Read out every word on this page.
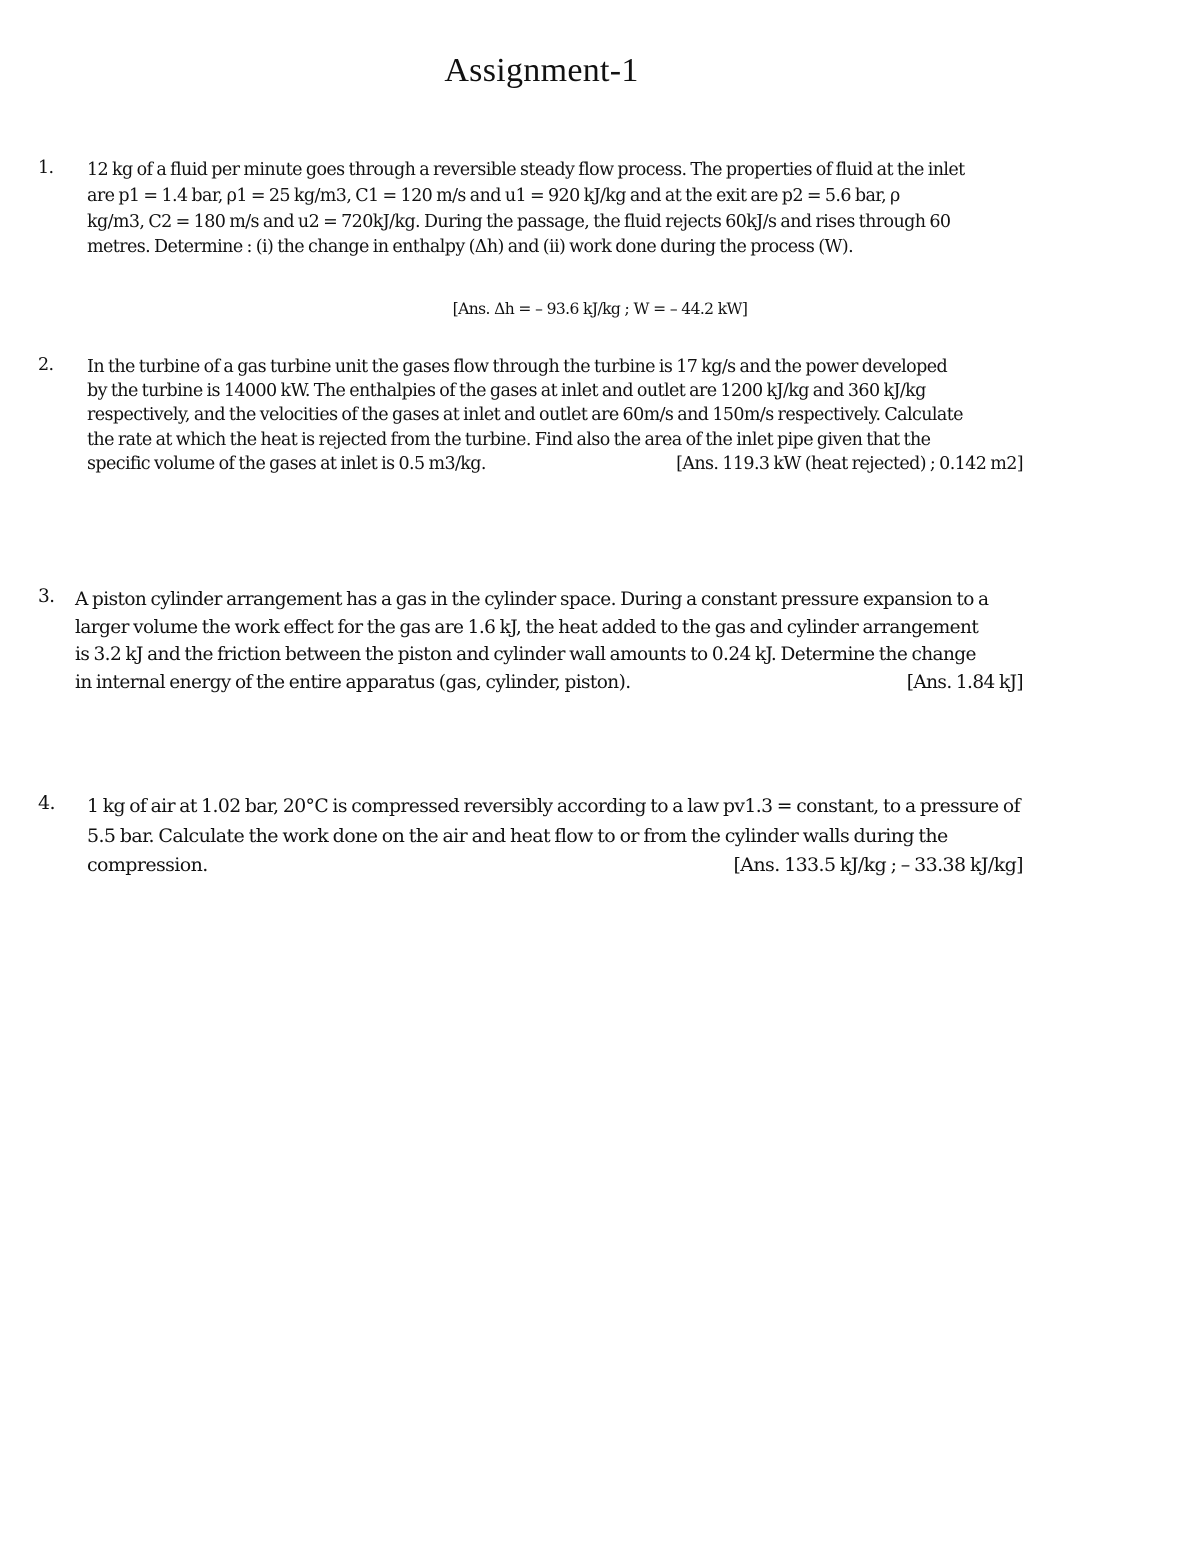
Assignment-1
1. 12 kg of a fluid per minute goes through a reversible steady flow process. The properties of fluid at the inlet
are p1 = 1.4 bar, ρ1 = 25 kg/m3, C1 = 120 m/s and u1 = 920 kJ/kg and at the exit are p2 = 5.6 bar, ρ
kg/m3, C2 = 180 m/s and u2 = 720kJ/kg. During the passage, the fluid rejects 60kJ/s and rises through 60
metres. Determine : (i) the change in enthalpy (Δh) and (ii) work done during the process (W).
[Ans. Δh = – 93.6 kJ/kg ; W = – 44.2 kW]
2. In the turbine of a gas turbine unit the gases flow through the turbine is 17 kg/s and the power developed
by the turbine is 14000 kW. The enthalpies of the gases at inlet and outlet are 1200 kJ/kg and 360 kJ/kg
respectively, and the velocities of the gases at inlet and outlet are 60m/s and 150m/s respectively. Calculate
the rate at which the heat is rejected from the turbine. Find also the area of the inlet pipe given that the
specific volume of the gases at inlet is 0.5 m3/kg.	[Ans. 119.3 kW (heat rejected) ; 0.142 m2]
3. A piston cylinder arrangement has a gas in the cylinder space. During a constant pressure expansion to a
larger volume the work effect for the gas are 1.6 kJ, the heat added to the gas and cylinder arrangement
is 3.2 kJ and the friction between the piston and cylinder wall amounts to 0.24 kJ. Determine the change
in internal energy of the entire apparatus (gas, cylinder, piston).	[Ans. 1.84 kJ]
4. 1 kg of air at 1.02 bar, 20°C is compressed reversibly according to a law pv1.3 = constant, to a pressure of
5.5 bar. Calculate the work done on the air and heat flow to or from the cylinder walls during the
compression.	[Ans. 133.5 kJ/kg ; – 33.38 kJ/kg]
